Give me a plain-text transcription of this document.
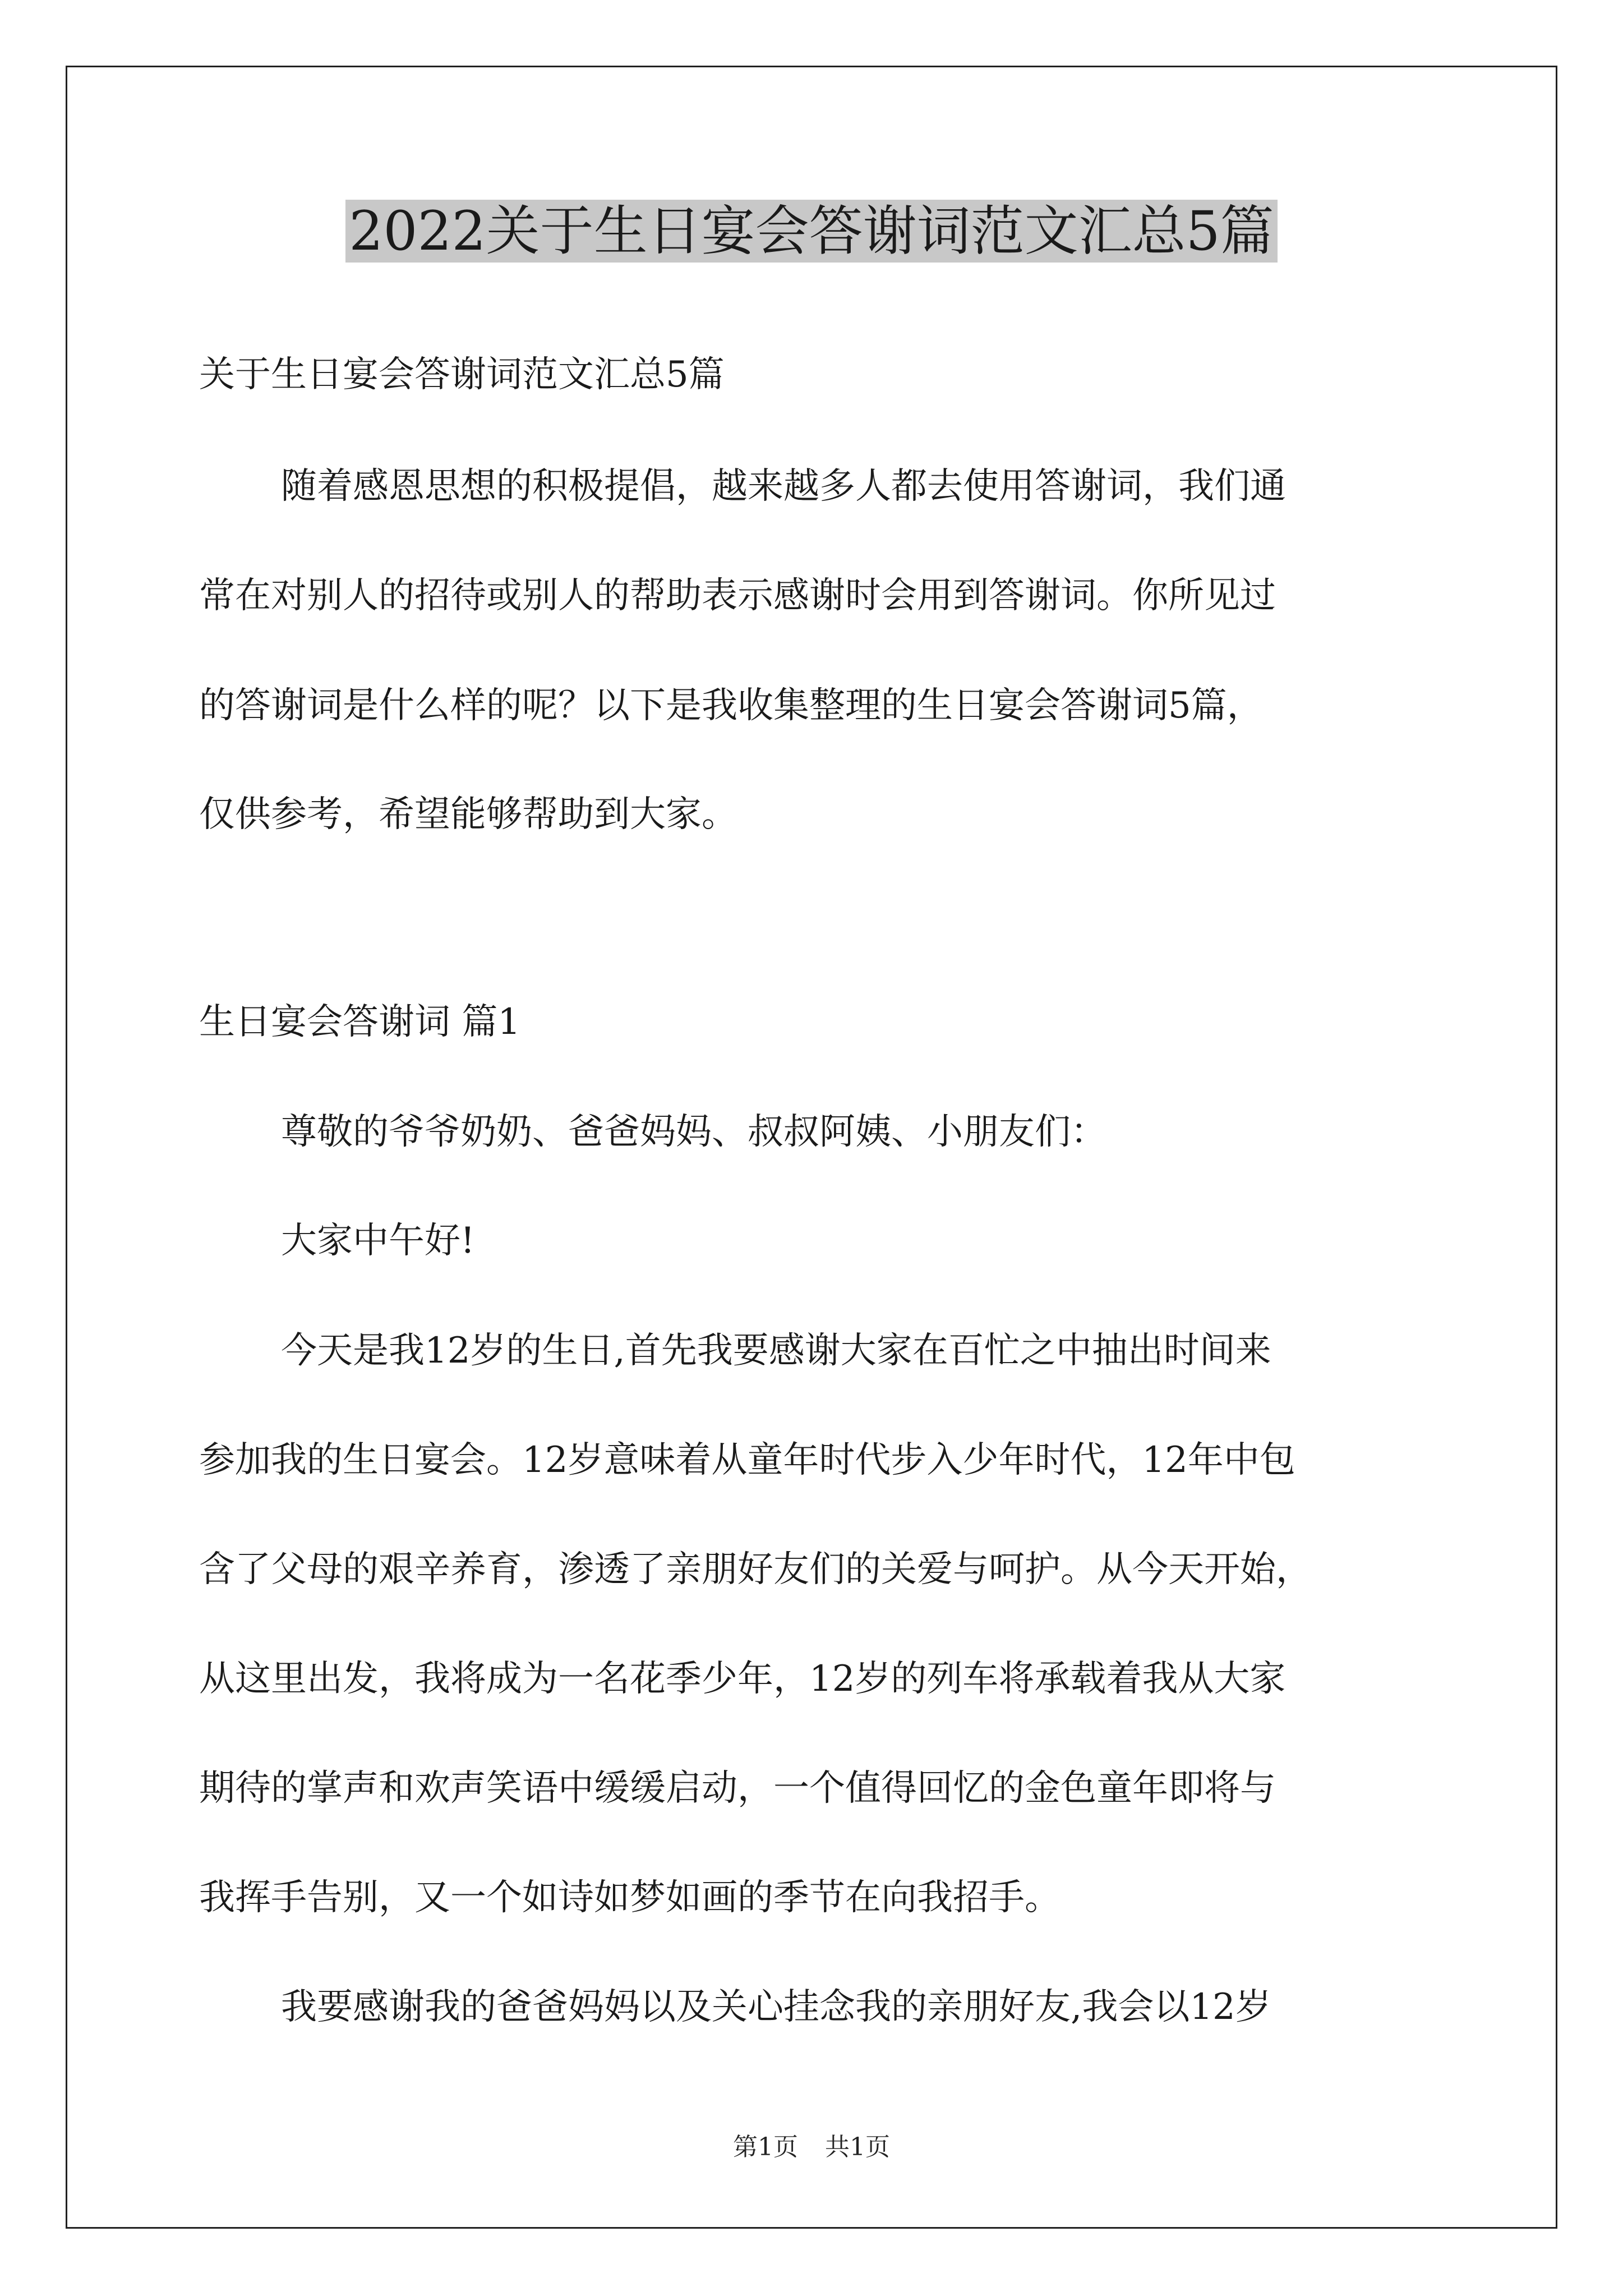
2022关于生日宴会答谢词范文汇总5篇
关于生日宴会答谢词范文汇总5篇
随着感恩思想的积极提倡，越来越多人都去使用答谢词，我们通
常在对别人的招待或别人的帮助表示感谢时会用到答谢词。你所见过
的答谢词是什么样的呢？以下是我收集整理的生日宴会答谢词5篇，
仅供参考，希望能够帮助到大家。
生日宴会答谢词 篇1
尊敬的爷爷奶奶、爸爸妈妈、叔叔阿姨、小朋友们：
大家中午好!
今天是我12岁的生日,首先我要感谢大家在百忙之中抽出时间来
参加我的生日宴会。12岁意味着从童年时代步入少年时代，12年中包
含了父母的艰辛养育，渗透了亲朋好友们的关爱与呵护。从今天开始，
从这里出发，我将成为一名花季少年，12岁的列车将承载着我从大家
期待的掌声和欢声笑语中缓缓启动，一个值得回忆的金色童年即将与
我挥手告别，又一个如诗如梦如画的季节在向我招手。
我要感谢我的爸爸妈妈以及关心挂念我的亲朋好友,我会以12岁
第1页 共1页
